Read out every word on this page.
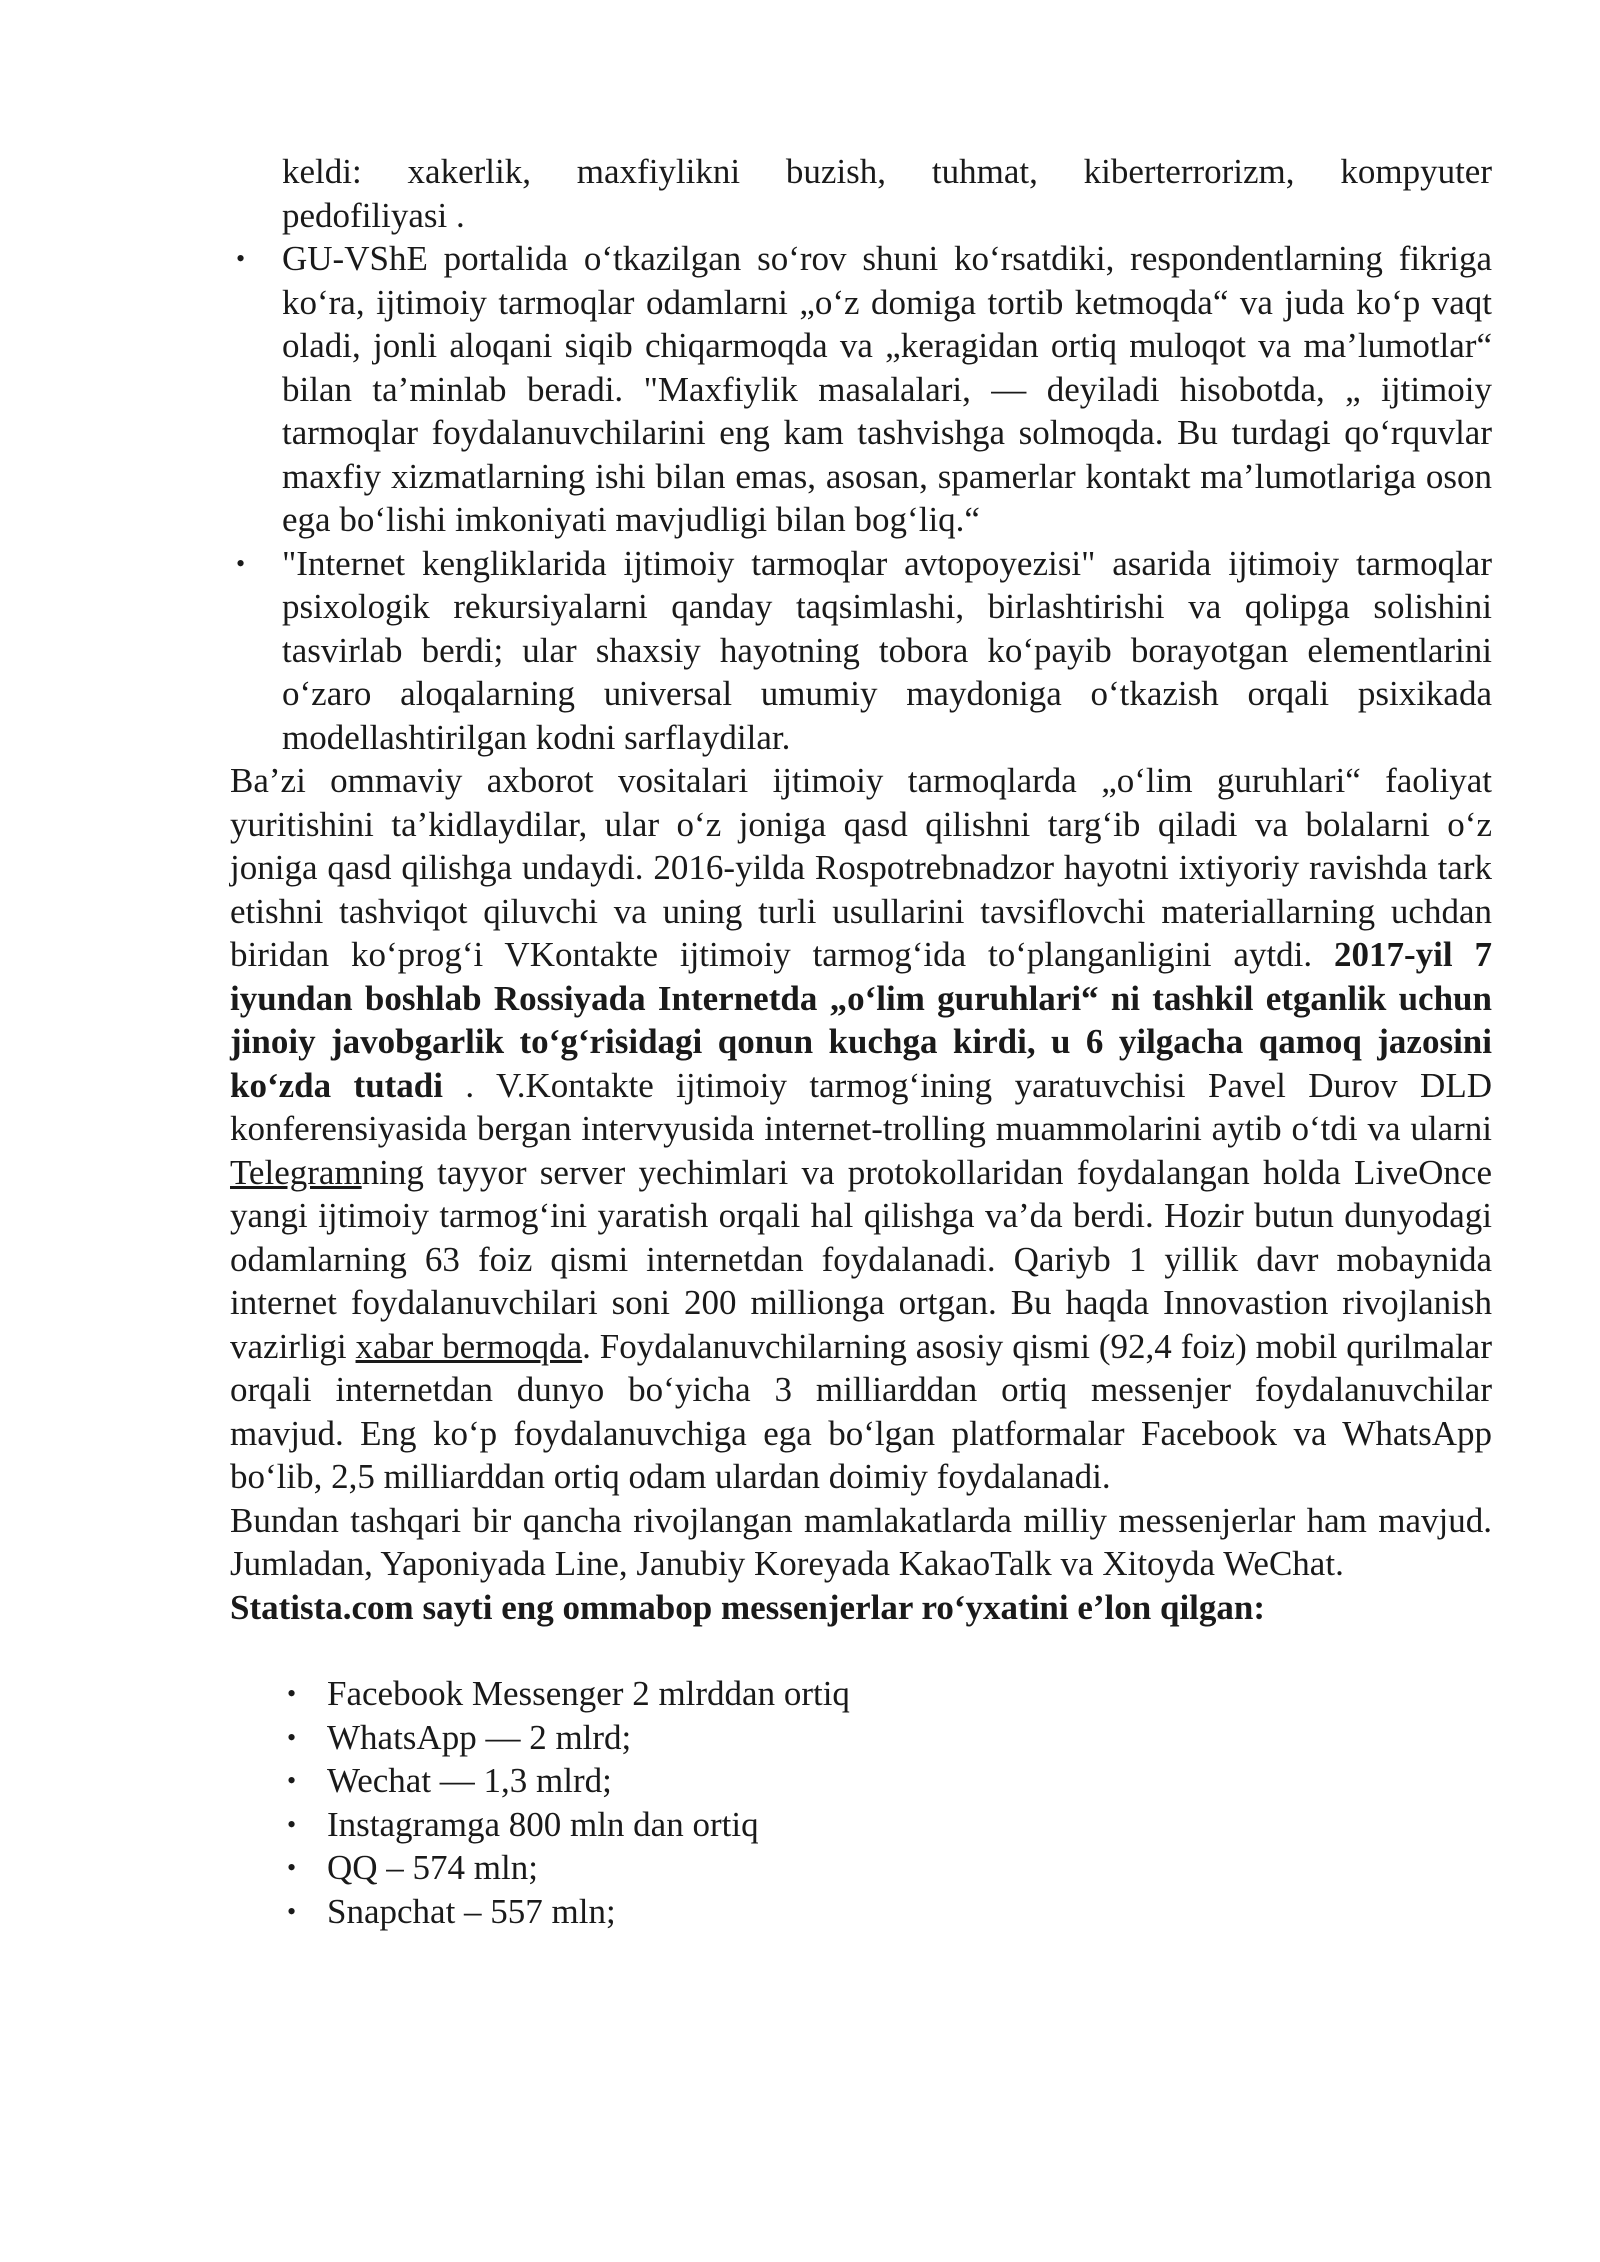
keldi: xakerlik, maxfiylikni buzish, tuhmat, kiberterrorizm, kompyuter

pedofiliyasi .

• GU-VShE portalida o‘tkazilgan so‘rov shuni ko‘rsatdiki, respondentlarning fikriga ko‘ra, ijtimoiy tarmoqlar odamlarni „o‘z domiga tortib ketmoqda“ va juda ko‘p vaqt oladi, jonli aloqani siqib chiqarmoqda va „keragidan ortiq muloqot va ma’lumotlar“ bilan ta’minlab beradi. "Maxfiylik masalalari, — deyiladi hisobotda, „ ijtimoiy tarmoqlar foydalanuvchilarini eng kam tashvishga solmoqda. Bu turdagi qo‘rquvlar maxfiy xizmatlarning ishi bilan emas, asosan, spamerlar kontakt ma’lumotlariga oson ega bo‘lishi imkoniyati mavjudligi bilan bog‘liq.“
• "Internet kengliklarida ijtimoiy tarmoqlar avtopoyezisi" asarida ijtimoiy tarmoqlar psixologik rekursiyalarni qanday taqsimlashi, birlashtirishi va qolipga solishini tasvirlab berdi; ular shaxsiy hayotning tobora ko‘payib borayotgan elementlarini o‘zaro aloqalarning universal umumiy maydoniga o‘tkazish orqali psixikada modellashtirilgan kodni sarflaydilar.

Ba’zi ommaviy axborot vositalari ijtimoiy tarmoqlarda „o‘lim guruhlari“ faoliyat yuritishini ta’kidlaydilar, ular o‘z joniga qasd qilishni targ‘ib qiladi va bolalarni o‘z joniga qasd qilishga undaydi. 2016-yilda Rospotrebnadzor hayotni ixtiyoriy ravishda tark etishni tashviqot qiluvchi va uning turli usullarini tavsiflovchi materiallarning uchdan biridan ko‘prog‘i VKontakte ijtimoiy tarmog‘ida to‘planganligini aytdi. 2017-yil 7 iyundan boshlab Rossiyada Internetda „o‘lim guruhlari“ ni tashkil etganlik uchun jinoiy javobgarlik to‘g‘risidagi qonun kuchga kirdi, u 6 yilgacha qamoq jazosini ko‘zda tutadi . V.Kontakte ijtimoiy tarmog‘ining yaratuvchisi Pavel Durov DLD konferensiyasida bergan intervyusida internet-trolling muammolarini aytib o‘tdi va ularni Telegramning tayyor server yechimlari va protokollaridan foydalangan holda LiveOnce yangi ijtimoiy tarmog‘ini yaratish orqali hal qilishga va’da berdi. Hozir butun dunyodagi odamlarning 63 foiz qismi internetdan foydalanadi. Qariyb 1 yillik davr mobaynida internet foydalanuvchilari soni 200 millionga ortgan. Bu haqda Innovastion rivojlanish vazirligi xabar bermoqda. Foydalanuvchilarning asosiy qismi (92,4 foiz) mobil qurilmalar orqali internetdan dunyo bo‘yicha 3 milliarddan ortiq messenjer foydalanuvchilar mavjud. Eng ko‘p foydalanuvchiga ega bo‘lgan platformalar Facebook va WhatsApp bo‘lib, 2,5 milliarddan ortiq odam ulardan doimiy foydalanadi.

Bundan tashqari bir qancha rivojlangan mamlakatlarda milliy messenjerlar ham mavjud. Jumladan, Yaponiyada Line, Janubiy Koreyada KakaoTalk va Xitoyda WeChat.

Statista.com sayti eng ommabop messenjerlar ro‘yxatini e’lon qilgan:

• Facebook Messenger 2 mlrddan ortiq
• WhatsApp — 2 mlrd;
• Wechat — 1,3 mlrd;
• Instagramga 800 mln dan ortiq
• QQ – 574 mln;
• Snapchat – 557 mln;
